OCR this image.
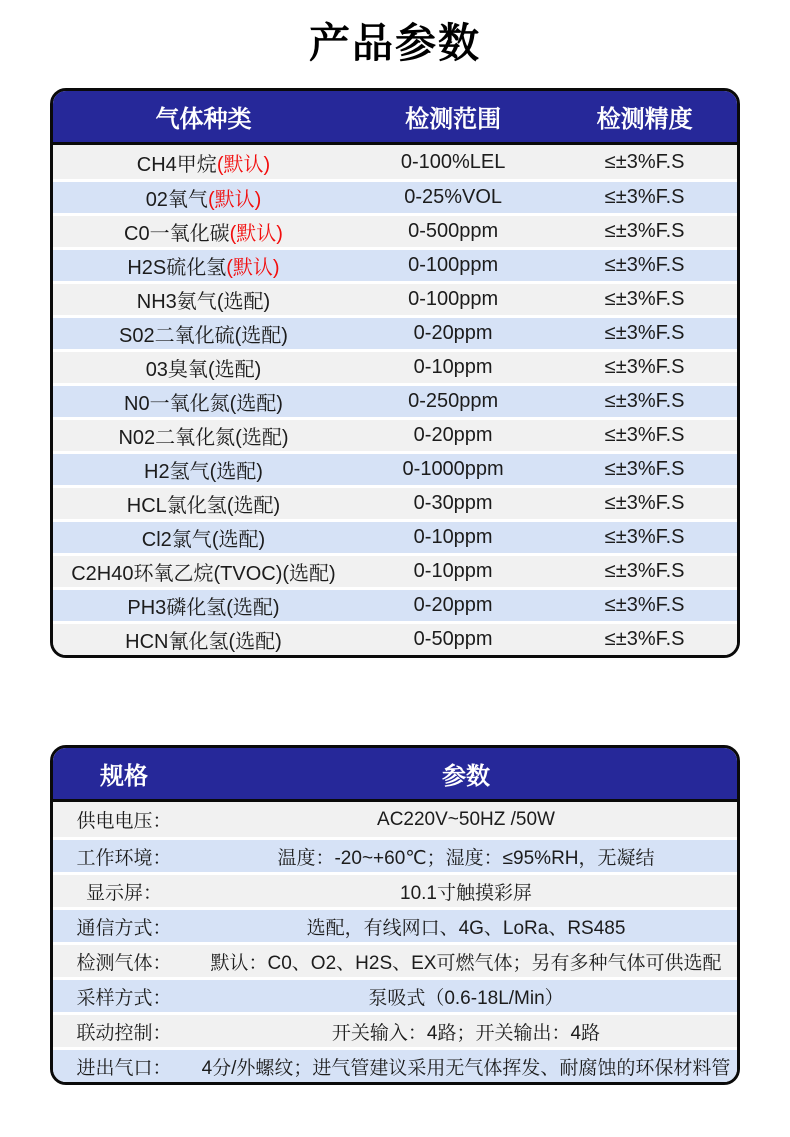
产品参数
气体种类	检测范围	检测精度
CH4甲烷(默认)	0-100%LEL	≤±3%F.S
02氧气(默认)	0-25%VOL	≤±3%F.S
C0一氧化碳(默认)	0-500ppm	≤±3%F.S
H2S硫化氢(默认)	0-100ppm	≤±3%F.S
NH3氨气(选配)	0-100ppm	≤±3%F.S
S02二氧化硫(选配)	0-20ppm	≤±3%F.S
03臭氧(选配)	0-10ppm	≤±3%F.S
N0一氧化氮(选配)	0-250ppm	≤±3%F.S
N02二氧化氮(选配)	0-20ppm	≤±3%F.S
H2氢气(选配)	0-1000ppm	≤±3%F.S
HCL氯化氢(选配)	0-30ppm	≤±3%F.S
Cl2氯气(选配)	0-10ppm	≤±3%F.S
C2H40环氧乙烷(TVOC)(选配)	0-10ppm	≤±3%F.S
PH3磷化氢(选配)	0-20ppm	≤±3%F.S
HCN氰化氢(选配)	0-50ppm	≤±3%F.S
规格	参数
供电电压：	AC220V~50HZ /50W
工作环境：	温度：-20~+60℃；湿度：≤95%RH，无凝结
显示屏：	10.1寸触摸彩屏
通信方式：	选配，有线网口、4G、LoRa、RS485
检测气体：	默认：C0、O2、H2S、EX可燃气体；另有多种气体可供选配
采样方式：	泵吸式（0.6-18L/Min）
联动控制：	开关输入：4路；开关输出：4路
进出气口：	4分/外螺纹；进气管建议采用无气体挥发、耐腐蚀的环保材料管
